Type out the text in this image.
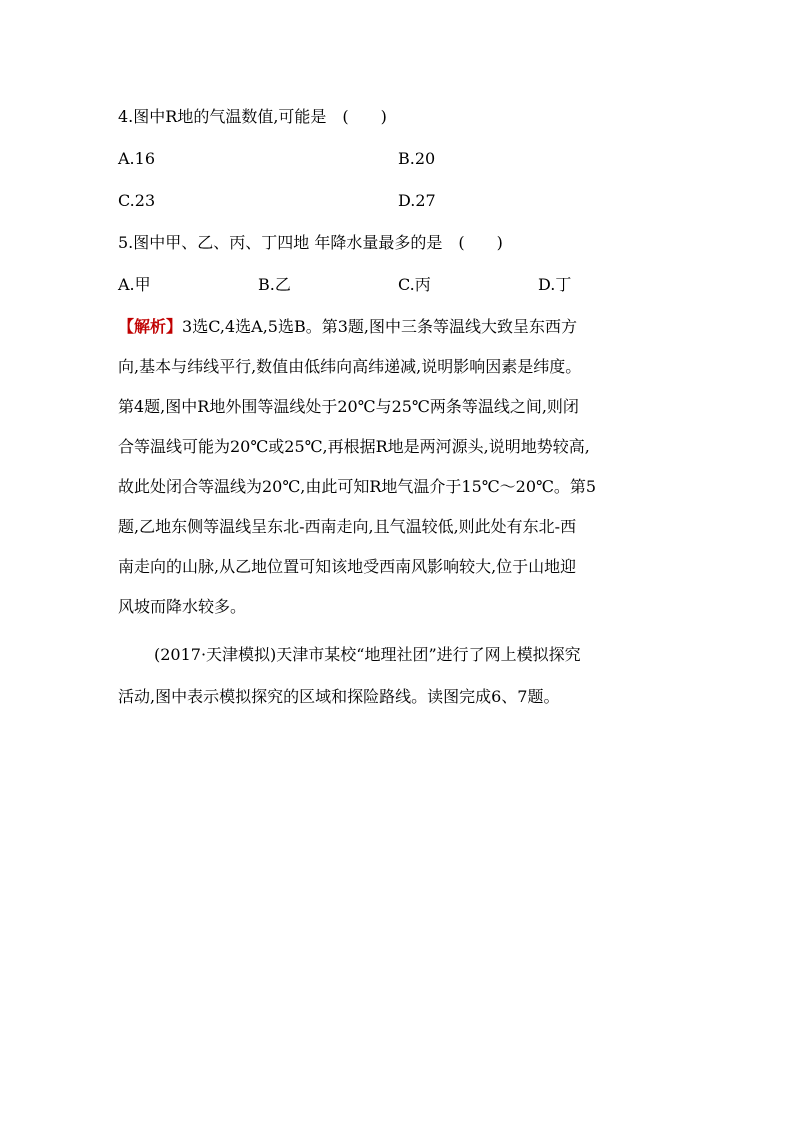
4.图中R地的气温数值,可能是　(　　)
A.16	B.20
C.23	D.27
5.图中甲、乙、丙、丁四地 年降水量最多的是　(　　)
A.甲	B.乙	C.丙	D.丁
【解析】3选C,4选A,5选B。第3题,图中三条等温线大致呈东西方
向,基本与纬线平行,数值由低纬向高纬递减,说明影响因素是纬度。
第4题,图中R地外围等温线处于20℃与25℃两条等温线之间,则闭
合等温线可能为20℃或25℃,再根据R地是两河源头,说明地势较高,
故此处闭合等温线为20℃,由此可知R地气温介于15℃～20℃。第5
题,乙地东侧等温线呈东北-西南走向,且气温较低,则此处有东北-西
南走向的山脉,从乙地位置可知该地受西南风影响较大,位于山地迎
风坡而降水较多。
(2017·天津模拟)天津市某校“地理社团”进行了网上模拟探究
活动,图中表示模拟探究的区域和探险路线。读图完成6、7题。
